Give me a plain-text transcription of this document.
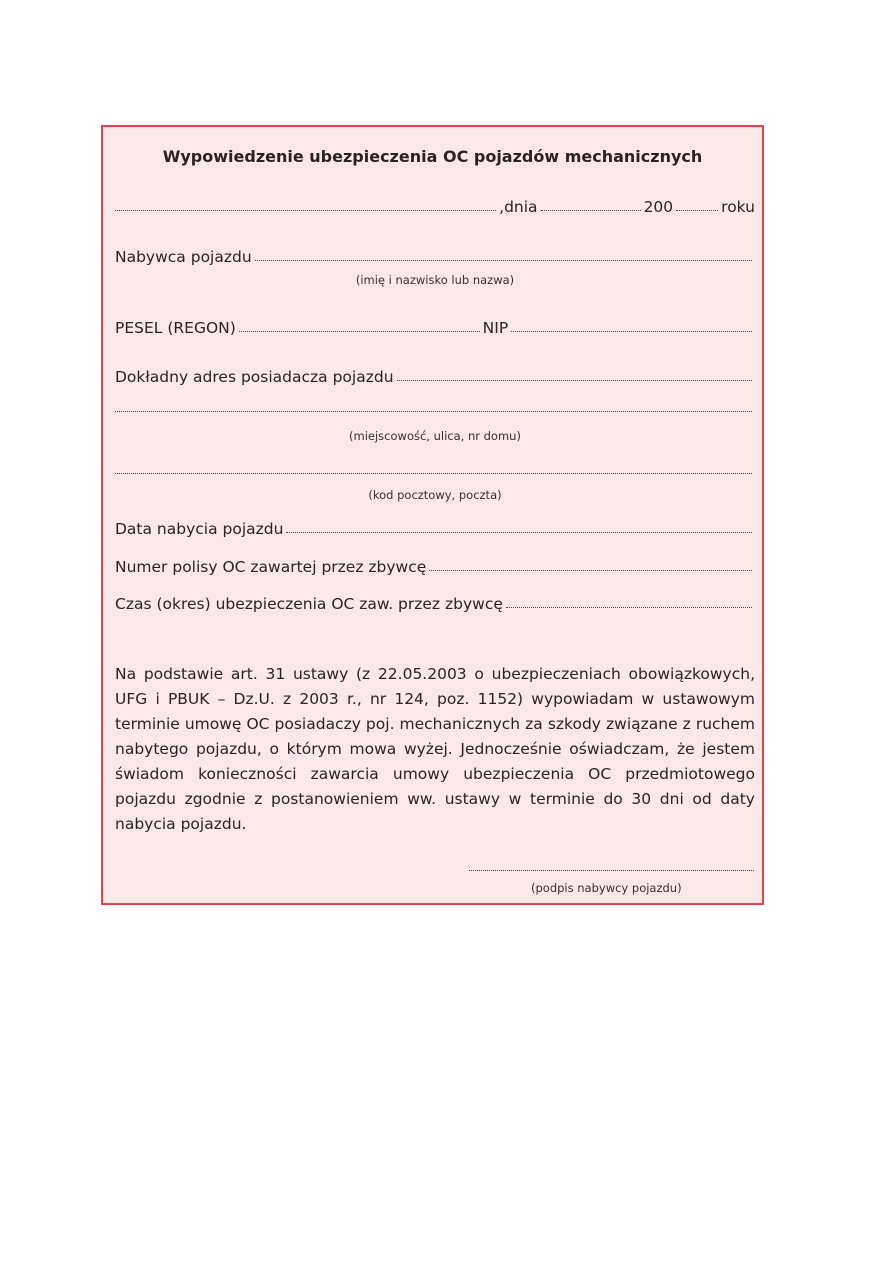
Wypowiedzenie ubezpieczenia OC pojazdów mechanicznych
,dnia	200	roku
Nabywca pojazdu
(imię i nazwisko lub nazwa)
PESEL (REGON)	NIP
Dokładny adres posiadacza pojazdu
(miejscowość, ulica, nr domu)
(kod pocztowy, poczta)
Data nabycia pojazdu
Numer polisy OC zawartej przez zbywcę
Czas (okres) ubezpieczenia OC zaw. przez zbywcę
Na podstawie art. 31 ustawy (z 22.05.2003 o ubezpieczeniach obowiązkowych, UFG i PBUK – Dz.U. z 2003 r., nr 124, poz. 1152) wypowiadam w ustawowym terminie umowę OC posiadaczy poj. mechanicznych za szkody związane z ruchem nabytego pojazdu, o którym mowa wyżej. Jednocześnie oświadczam, że jestem świadom konieczności zawarcia umowy ubezpieczenia OC przedmiotowego pojazdu zgodnie z postanowieniem ww. ustawy w terminie do 30 dni od daty nabycia pojazdu.
(podpis nabywcy pojazdu)
